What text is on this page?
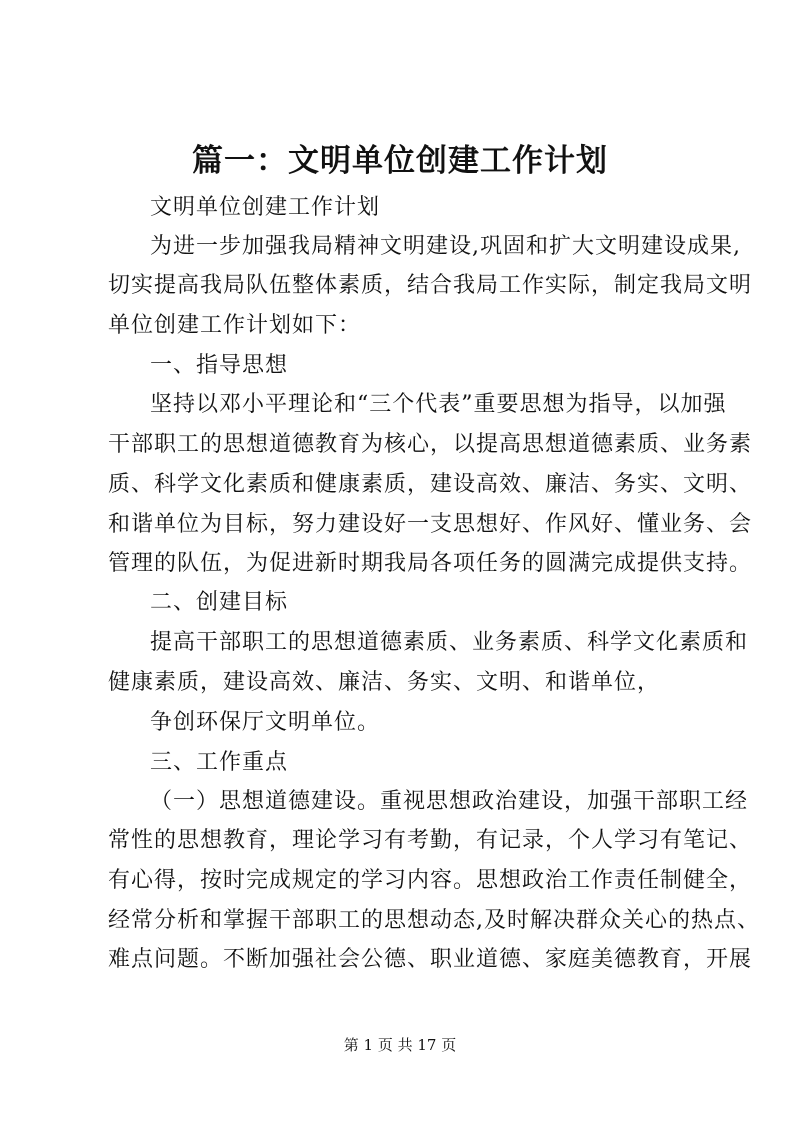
篇一：文明单位创建工作计划
文明单位创建工作计划
为进一步加强我局精神文明建设,巩固和扩大文明建设成果,
切实提高我局队伍整体素质，结合我局工作实际，制定我局文明
单位创建工作计划如下：
一、指导思想
坚持以邓小平理论和“三个代表”重要思想为指导，以加强
干部职工的思想道德教育为核心，以提高思想道德素质、业务素
质、科学文化素质和健康素质，建设高效、廉洁、务实、文明、
和谐单位为目标，努力建设好一支思想好、作风好、懂业务、会
管理的队伍，为促进新时期我局各项任务的圆满完成提供支持。
二、创建目标
提高干部职工的思想道德素质、业务素质、科学文化素质和
健康素质，建设高效、廉洁、务实、文明、和谐单位，
争创环保厅文明单位。
三、工作重点
（一）思想道德建设。重视思想政治建设，加强干部职工经
常性的思想教育，理论学习有考勤，有记录，个人学习有笔记、
有心得，按时完成规定的学习内容。思想政治工作责任制健全，
经常分析和掌握干部职工的思想动态,及时解决群众关心的热点、
难点问题。不断加强社会公德、职业道德、家庭美德教育，开展
第 1 页 共 17 页
